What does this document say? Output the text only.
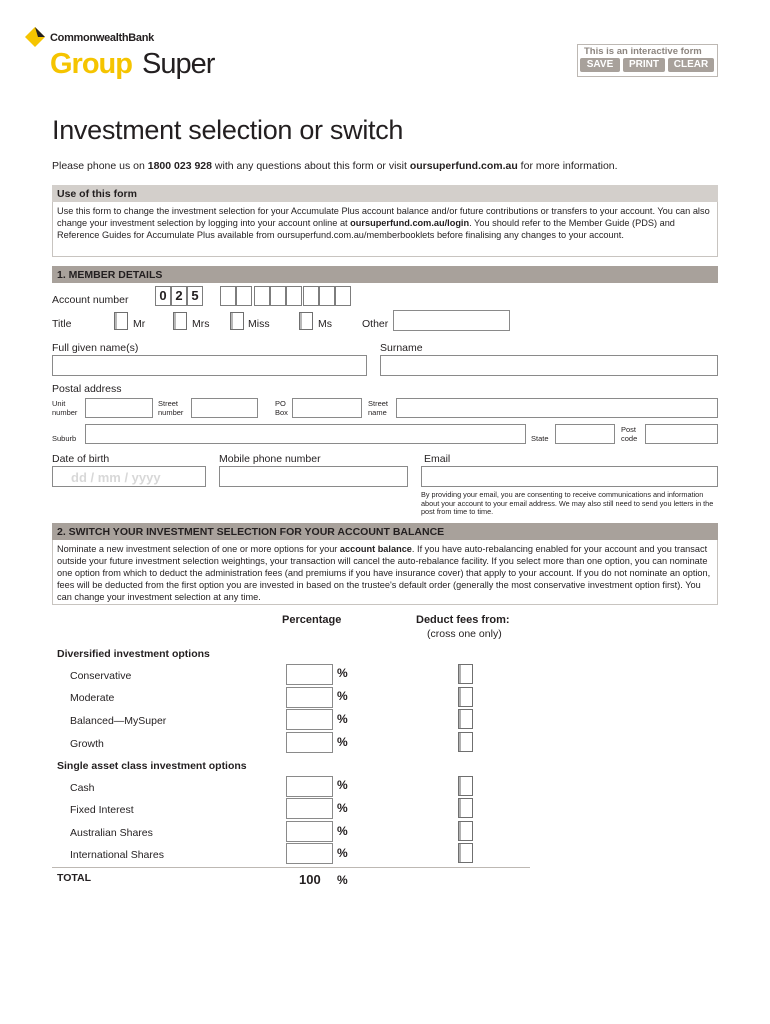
CommonwealthBank
Group Super	This is an interactive form
SAVE	PRINT	CLEAR
Investment selection or switch
Please phone us on 1800 023 928 with any questions about this form or visit oursuperfund.com.au for more information.
Use of this form
Use this form to change the investment selection for your Accumulate Plus account balance and/or future contributions or transfers to your account. You can also change your investment selection by logging into your account online at oursuperfund.com.au/login. You should refer to the Member Guide (PDS) and Reference Guides for Accumulate Plus available from oursuperfund.com.au/memberbooklets before finalising any changes to your account.
1. MEMBER DETAILS
Account number	0 2 5
Title	Mr	Mrs	Miss	Ms	Other
Full given name(s)	Surname
Postal address
Unit
number
Street
number
PO
Box
Street
name
Suburb	State
Post
code
Date of birth
dd / mm / yyyy
Mobile phone number	Email
By providing your email, you are consenting to receive communications and information about your account to your email address. We may also still need to send you letters in the post from time to time.
2. SWITCH YOUR INVESTMENT SELECTION FOR YOUR ACCOUNT BALANCE
Nominate a new investment selection of one or more options for your account balance. If you have auto-rebalancing enabled for your account and you transact outside your future investment selection weightings, your transaction will cancel the auto-rebalance facility. If you select more than one option, you can nominate one option from which to deduct the administration fees (and premiums if you have insurance cover) that apply to your account. If you do not nominate an option, fees will be deducted from the first option you are invested in based on the trustee's default order (generally the most conservative investment option first). You can change your investment selection at any time.
Percentage	Deduct fees from:
(cross one only)
Diversified investment options
Conservative	%
Moderate	%
Balanced—MySuper	%
Growth	%
Single asset class investment options
Cash	%
Fixed Interest	%
Australian Shares	%
International Shares	%
TOTAL	100 %
